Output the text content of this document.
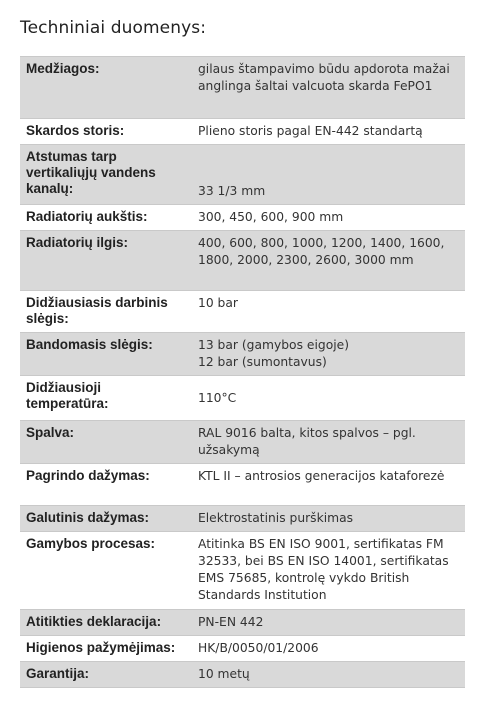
Techniniai duomenys:
Medžiagos:	gilaus štampavimo būdu apdorota mažai anglinga šaltai valcuota skarda FePO1
Skardos storis:	Plieno storis pagal EN-442 standartą
Atstumas tarp vertikaliųjų vandens kanalų:	33 1/3 mm
Radiatorių aukštis:	300, 450, 600, 900 mm
Radiatorių ilgis:	400, 600, 800, 1000, 1200, 1400, 1600, 1800, 2000, 2300, 2600, 3000 mm
Didžiausiasis darbinis slėgis:	10 bar
Bandomasis slėgis:	13 bar (gamybos eigoje)
12 bar (sumontavus)

Didžiausioji temperatūra:	110°C
Spalva:	RAL 9016 balta, kitos spalvos – pgl. užsakymą
Pagrindo dažymas:	KTL II – antrosios generacijos kataforezė
Galutinis dažymas:	Elektrostatinis purškimas
Gamybos procesas:	Atitinka BS EN ISO 9001, sertifikatas FM 32533, bei BS EN ISO 14001, sertifikatas EMS 75685, kontrolę vykdo British Standards Institution
Atitikties deklaracija:	PN-EN 442
Higienos pažymėjimas:	HK/B/0050/01/2006
Garantija:	10 metų
